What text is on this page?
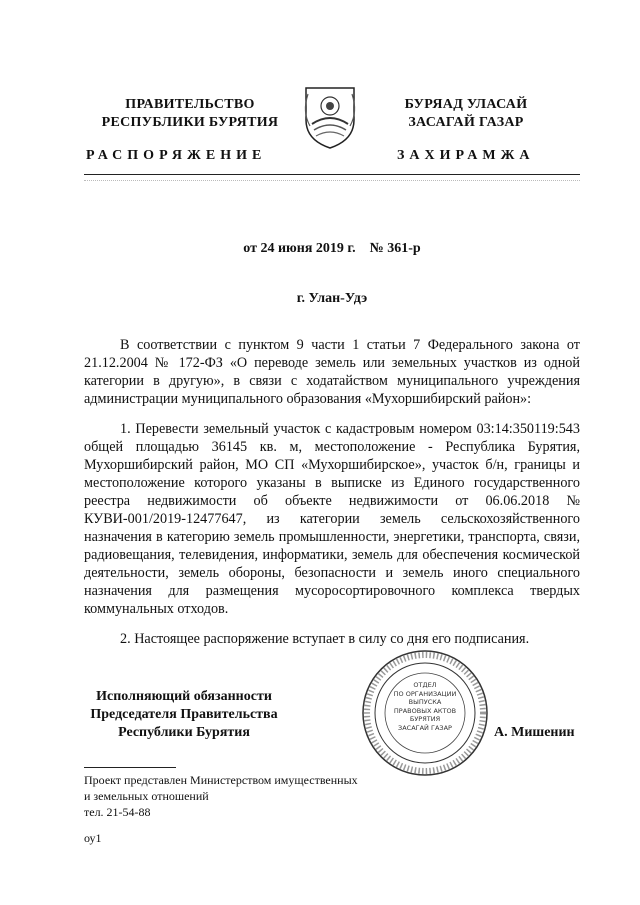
ПРАВИТЕЛЬСТВО
РЕСПУБЛИКИ БУРЯТИЯ
БУРЯАД УЛАСАЙ
ЗАСАГАЙ ГАЗАР
РАСПОРЯЖЕНИЕ	ЗАХИРАМЖА
от 24 июня 2019 г.    № 361-р
г. Улан-Удэ

В соответствии с пунктом 9 части 1 статьи 7 Федерального закона от 21.12.2004 № 172-ФЗ «О переводе земель или земельных участков из одной категории в другую», в связи с ходатайством муниципального учреждения администрации муниципального образования «Мухоршибирский район»:

1. Перевести земельный участок с кадастровым номером 03:14:350119:543 общей площадью 36145 кв. м, местоположение - Республика Бурятия, Мухоршибирский район, МО СП «Мухоршибирское», участок б/н, границы и местоположение которого указаны в выписке из Единого государственного реестра недвижимости об объекте недвижимости от 06.06.2018 № КУВИ-001/2019-12477647, из категории земель сельскохозяйственного назначения в категорию земель промышленности, энергетики, транспорта, связи, радиовещания, телевидения, информатики, земель для обеспечения космической деятельности, земель обороны, безопасности и земель иного специального назначения для размещения мусоросортировочного комплекса твердых коммунальных отходов.

2. Настоящее распоряжение вступает в силу со дня его подписания.

ОТДЕЛ
ПО ОРГАНИЗАЦИИ
ВЫПУСКА
ПРАВОВЫХ АКТОВ
БУРЯТИЯ
ЗАСАГАЙ ГАЗАР
Исполняющий обязанности
Председателя Правительства
Республики Бурятия	А. Мишенин
Проект представлен Министерством имущественных
и земельных отношений
тел. 21-54-88
оу1
